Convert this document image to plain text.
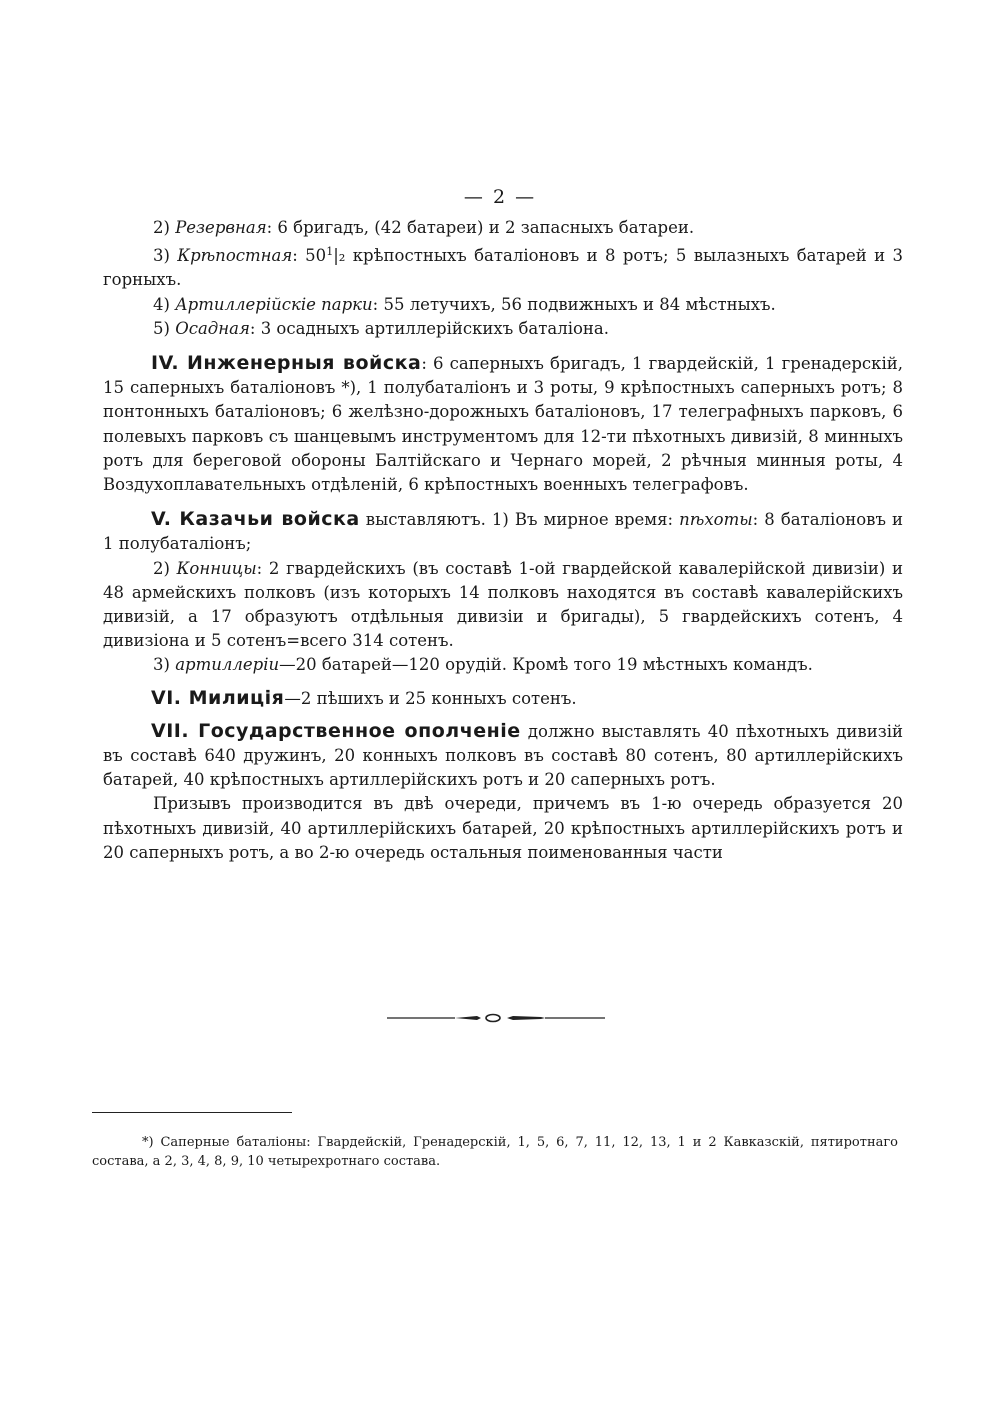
— 2 —

2) Резервная: 6 бригадъ, (42 батареи) и 2 запасныхъ батареи.

3) Крѣпостная: $50^1|_2$ крѣпостныхъ баталіоновъ и 8 ротъ; 5 вылазныхъ батарей и 3 горныхъ.

4) Артиллерійскіе парки: 55 летучихъ, 56 подвижныхъ и 84 мѣстныхъ.

5) Осадная: 3 осадныхъ артиллерійскихъ баталіона.

IV. Инженерныя войска: 6 саперныхъ бригадъ, 1 гвардейскій, 1 гренадерскій, 15 саперныхъ баталіоновъ *), 1 полубаталіонъ и 3 роты, 9 крѣпостныхъ саперныхъ ротъ; 8 понтонныхъ баталіоновъ; 6 желѣзно-дорожныхъ баталіоновъ, 17 телеграфныхъ парковъ, 6 полевыхъ парковъ съ шанцевымъ инструментомъ для 12-ти пѣхотныхъ дивизій, 8 минныхъ ротъ для береговой обороны Балтійскаго и Чернаго морей, 2 рѣчныя минныя роты, 4 Воздухоплавательныхъ отдѣленій, 6 крѣпостныхъ военныхъ телеграфовъ.

V. Казачьи войска выставляютъ. 1) Въ мирное время: пѣхоты: 8 баталіоновъ и 1 полубаталіонъ;

2) Конницы: 2 гвардейскихъ (въ составѣ 1-ой гвардейской кавалерійской дивизіи) и 48 армейскихъ полковъ (изъ которыхъ 14 полковъ находятся въ составѣ кавалерійскихъ дивизій, а 17 образуютъ отдѣльныя дивизіи и бригады), 5 гвардейскихъ сотенъ, 4 дивизіона и 5 сотенъ=всего 314 сотенъ.

3) артиллеріи—20 батарей—120 орудій. Кромѣ того 19 мѣстныхъ командъ.

VI. Милиція—2 пѣшихъ и 25 конныхъ сотенъ.

VII. Государственное ополченіе должно выставлять 40 пѣхотныхъ дивизій въ составѣ 640 дружинъ, 20 конныхъ полковъ въ составѣ 80 сотенъ, 80 артиллерійскихъ батарей, 40 крѣпостныхъ артиллерійскихъ ротъ и 20 саперныхъ ротъ.

Призывъ производится въ двѣ очереди, причемъ въ 1-ю очередь образуется 20 пѣхотныхъ дивизій, 40 артиллерійскихъ батарей, 20 крѣпостныхъ артиллерійскихъ ротъ и 20 саперныхъ ротъ, а во 2-ю очередь остальныя поименованныя части

*) Саперные баталіоны: Гвардейскій, Гренадерскій, 1, 5, 6, 7, 11, 12, 13, 1 и 2 Кавказскій, пятиротнаго состава, а 2, 3, 4, 8, 9, 10 четырехротнаго состава.
